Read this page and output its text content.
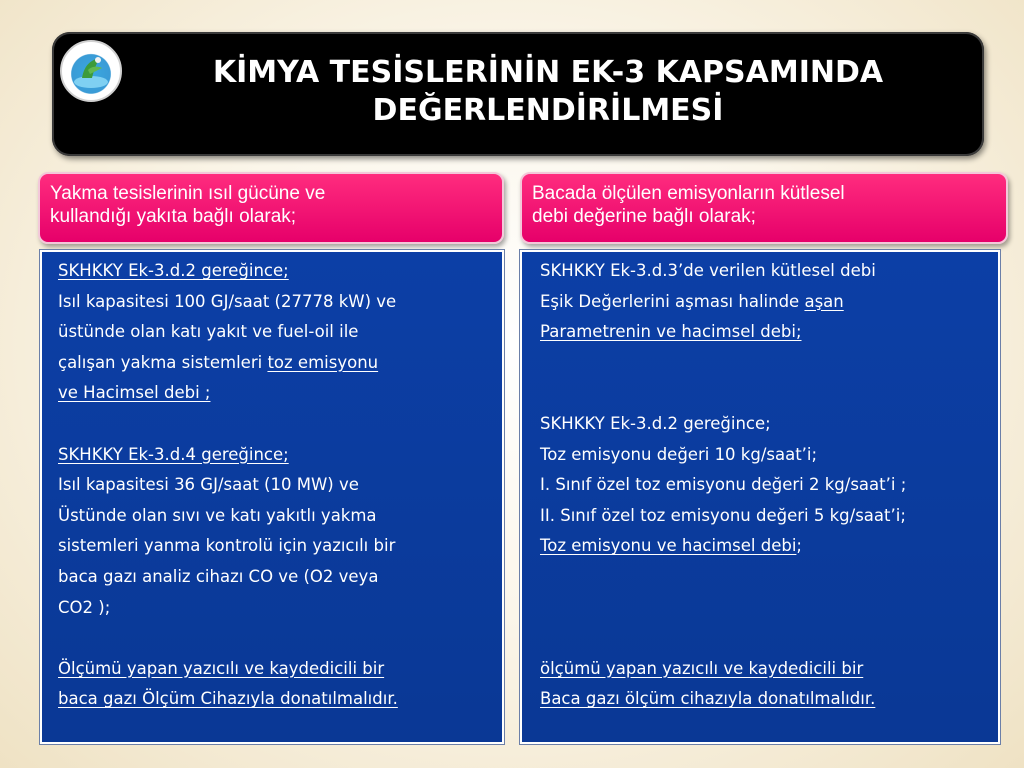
KİMYA TESİSLERİNİN EK-3 KAPSAMINDA
DEĞERLENDİRİLMESİ
Yakma tesislerinin ısıl gücüne ve
kullandığı yakıta bağlı olarak;
Bacada ölçülen emisyonların kütlesel
debi değerine bağlı olarak;
SKHKKY Ek-3.d.2 gereğince;
Isıl kapasitesi 100 GJ/saat (27778 kW) ve
üstünde olan katı yakıt ve fuel-oil ile
çalışan yakma sistemleri toz emisyonu
ve Hacimsel debi ;
SKHKKY Ek-3.d.4 gereğince;
Isıl kapasitesi 36 GJ/saat (10 MW) ve
Üstünde olan sıvı ve katı yakıtlı yakma
sistemleri yanma kontrolü için yazıcılı bir
baca gazı analiz cihazı CO ve (O2 veya
CO2 );
Ölçümü yapan yazıcılı ve kaydedicili bir
baca gazı Ölçüm Cihazıyla donatılmalıdır.
SKHKKY Ek-3.d.3’de verilen kütlesel debi
Eşik Değerlerini aşması halinde aşan
Parametrenin ve hacimsel debi;
SKHKKY Ek-3.d.2 gereğince;
Toz emisyonu değeri 10 kg/saat’i;
I. Sınıf özel toz emisyonu değeri 2 kg/saat’i ;
II. Sınıf özel toz emisyonu değeri 5 kg/saat’i;
Toz emisyonu ve hacimsel debi;
ölçümü yapan yazıcılı ve kaydedicili bir
Baca gazı ölçüm cihazıyla donatılmalıdır.
